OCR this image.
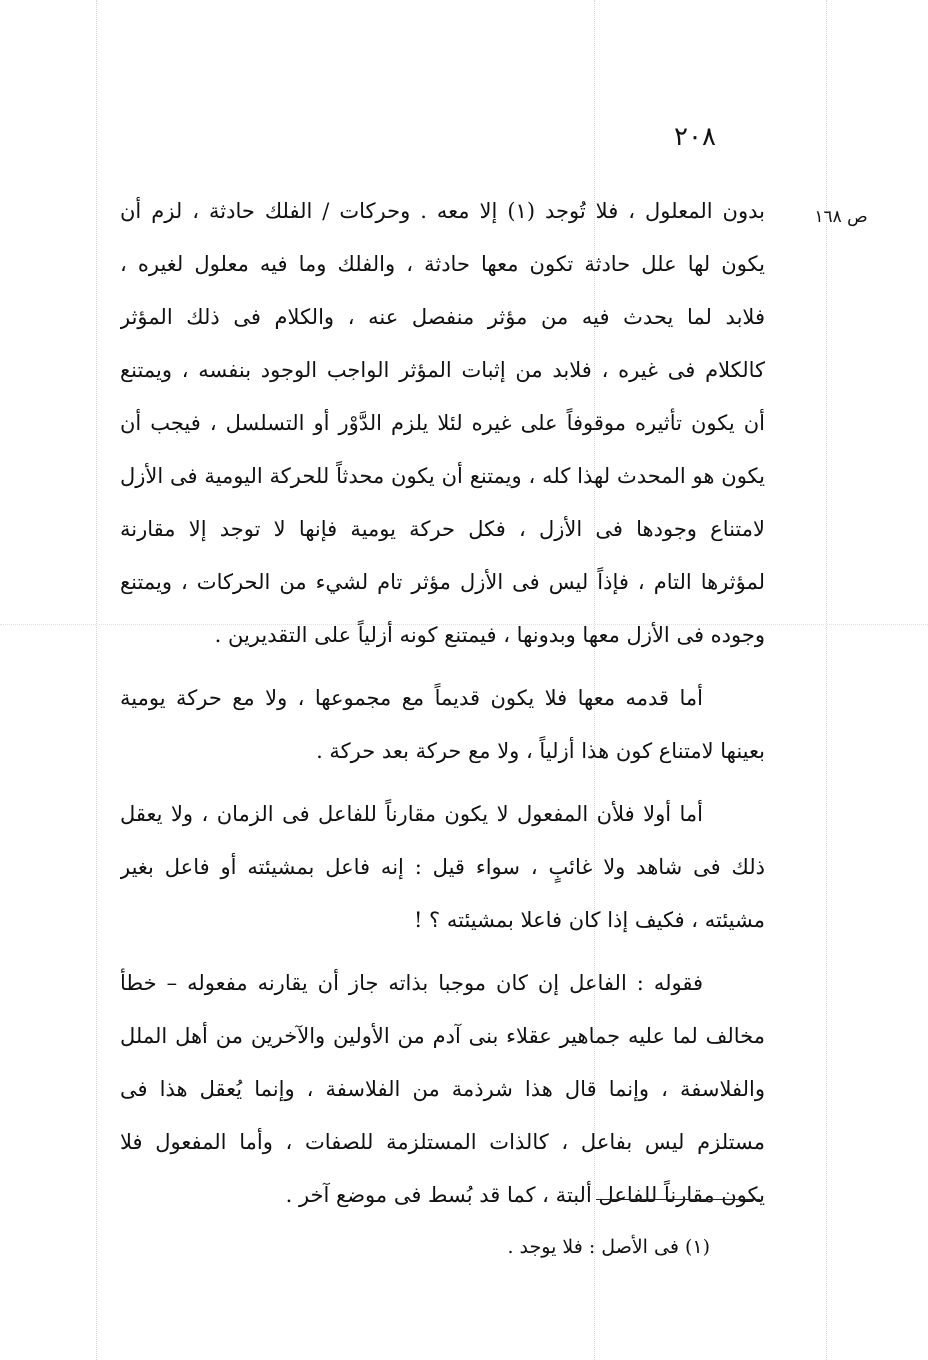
٢٠٨
ص ١٦٨
بدون المعلول ، فلا تُوجد (١) إلا معه . وحركات / الفلك حادثة ، لزم أن
يكون لها علل حادثة تكون معها حادثة ، والفلك وما فيه معلول لغيره ،
فلابد لما يحدث فيه من مؤثر منفصل عنه ، والكلام فى ذلك المؤثر
كالكلام فى غيره ، فلابد من إثبات المؤثر الواجب الوجود بنفسه ، ويمتنع
أن يكون تأثيره موقوفاً على غيره لئلا يلزم الدَّوْر أو التسلسل ، فيجب أن
يكون هو المحدث لهذا كله ، ويمتنع أن يكون محدثاً للحركة اليومية فى الأزل
لامتناع وجودها فى الأزل ، فكل حركة يومية فإنها لا توجد إلا مقارنة
لمؤثرها التام ، فإذاً ليس فى الأزل مؤثر تام لشيء من الحركات ، ويمتنع
وجوده فى الأزل معها وبدونها ، فيمتنع كونه أزلياً على التقديرين .
أما قدمه معها فلا يكون قديماً مع مجموعها ، ولا مع حركة يومية
بعينها لامتناع كون هذا أزلياً ، ولا مع حركة بعد حركة .
أما أولا فلأن المفعول لا يكون مقارناً للفاعل فى الزمان ، ولا يعقل
ذلك فى شاهد ولا غائبٍ ، سواء قيل : إنه فاعل بمشيئته أو فاعل بغير
مشيئته ، فكيف إذا كان فاعلا بمشيئته ؟ !
فقوله : الفاعل إن كان موجبا بذاته جاز أن يقارنه مفعوله – خطأ
مخالف لما عليه جماهير عقلاء بنى آدم من الأولين والآخرين من أهل الملل
والفلاسفة ، وإنما قال هذا شرذمة من الفلاسفة ، وإنما يُعقل هذا فى
مستلزم ليس بفاعل ، كالذات المستلزمة للصفات ، وأما المفعول فلا
يكون مقارناً للفاعل ألبتة ، كما قد بُسط فى موضع آخر .
(١) فى الأصل : فلا يوجد .
